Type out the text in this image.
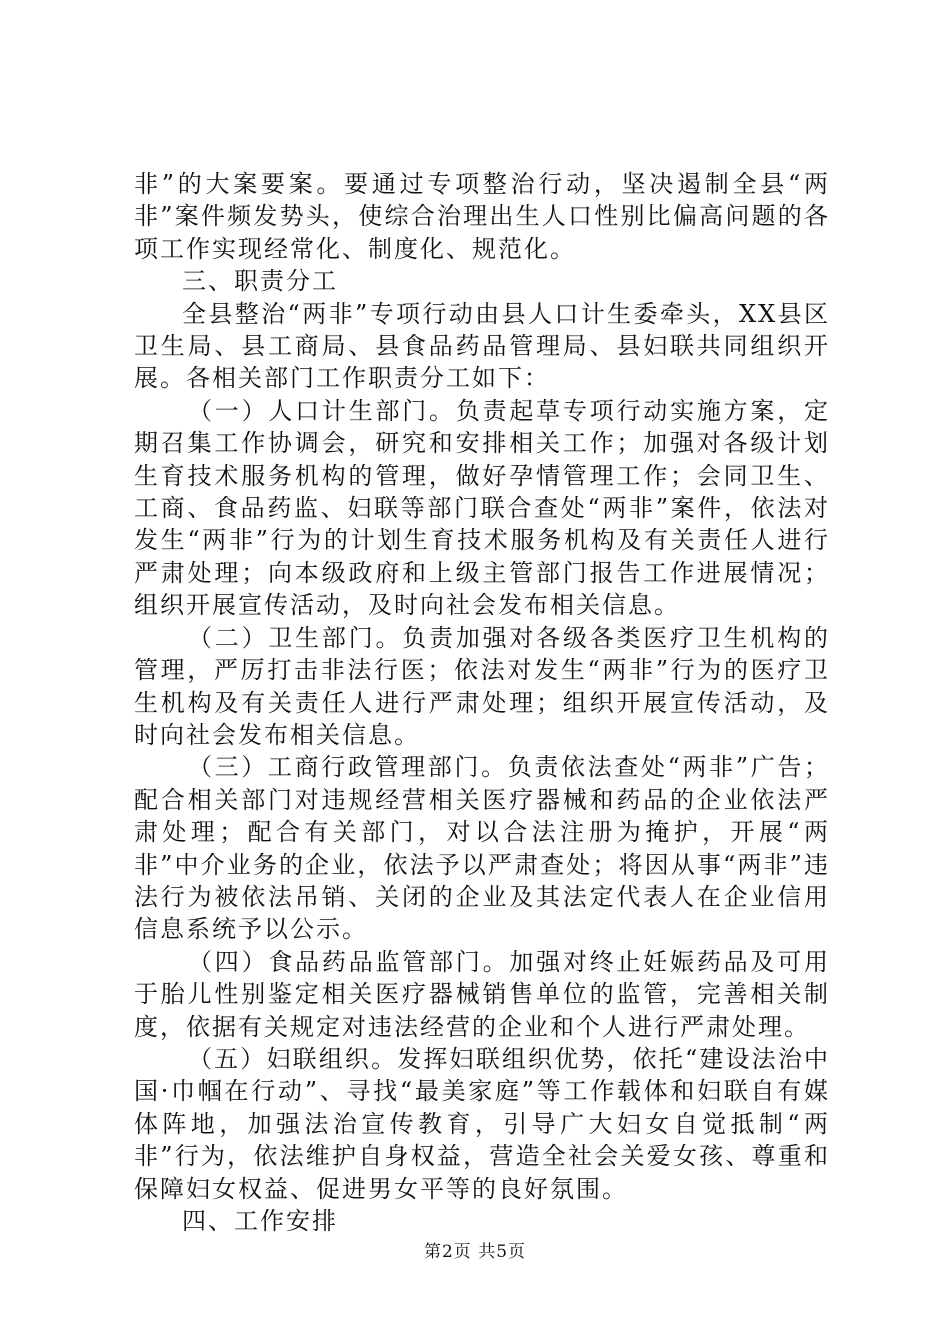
非”的大案要案。要通过专项整治行动，坚决遏制全县“两非”案件频发势头，使综合治理出生人口性别比偏高问题的各项工作实现经常化、制度化、规范化。

三、职责分工

全县整治“两非”专项行动由县人口计生委牵头，XX县区卫生局、县工商局、县食品药品管理局、县妇联共同组织开展。各相关部门工作职责分工如下：

（一）人口计生部门。负责起草专项行动实施方案，定期召集工作协调会，研究和安排相关工作；加强对各级计划生育技术服务机构的管理，做好孕情管理工作；会同卫生、工商、食品药监、妇联等部门联合查处“两非”案件，依法对发生“两非”行为的计划生育技术服务机构及有关责任人进行严肃处理；向本级政府和上级主管部门报告工作进展情况；组织开展宣传活动，及时向社会发布相关信息。

（二）卫生部门。负责加强对各级各类医疗卫生机构的管理，严厉打击非法行医；依法对发生“两非”行为的医疗卫生机构及有关责任人进行严肃处理；组织开展宣传活动，及时向社会发布相关信息。

（三）工商行政管理部门。负责依法查处“两非”广告；配合相关部门对违规经营相关医疗器械和药品的企业依法严肃处理；配合有关部门，对以合法注册为掩护，开展“两非”中介业务的企业，依法予以严肃查处；将因从事“两非”违法行为被依法吊销、关闭的企业及其法定代表人在企业信用信息系统予以公示。

（四）食品药品监管部门。加强对终止妊娠药品及可用于胎儿性别鉴定相关医疗器械销售单位的监管，完善相关制度，依据有关规定对违法经营的企业和个人进行严肃处理。

（五）妇联组织。发挥妇联组织优势，依托“建设法治中国·巾帼在行动”、寻找“最美家庭”等工作载体和妇联自有媒体阵地，加强法治宣传教育，引导广大妇女自觉抵制“两非”行为，依法维护自身权益，营造全社会关爱女孩、尊重和保障妇女权益、促进男女平等的良好氛围。

四、工作安排

第2页 共5页
